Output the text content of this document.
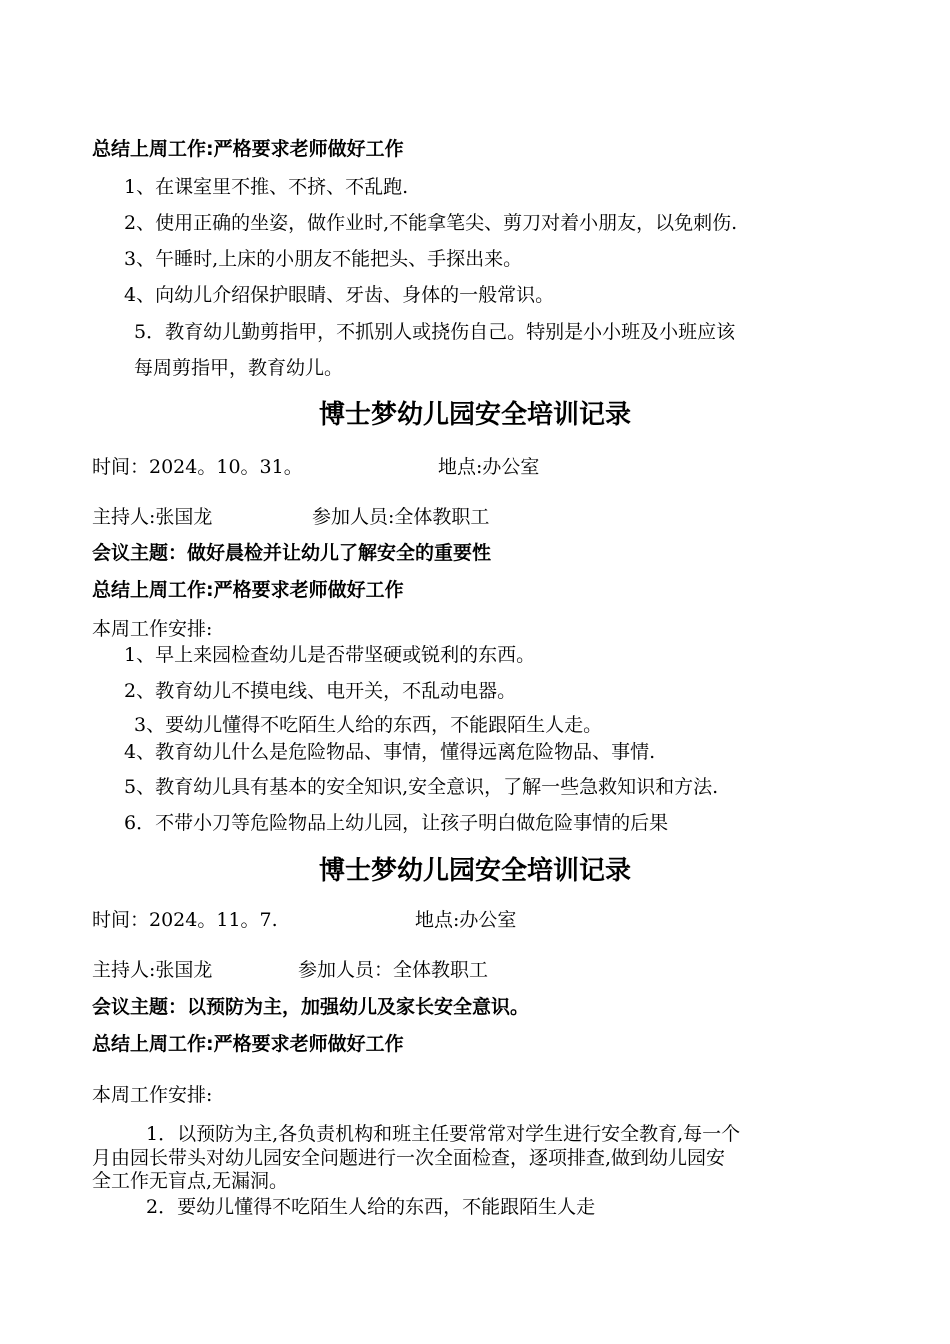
总结上周工作:严格要求老师做好工作
1、在课室里不推、不挤、不乱跑.
2、使用正确的坐姿，做作业时,不能拿笔尖、剪刀对着小朋友，以免刺伤.
3、午睡时,上床的小朋友不能把头、手探出来。
4、向幼儿介绍保护眼睛、牙齿、身体的一般常识。
5．教育幼儿勤剪指甲，不抓别人或挠伤自己。特别是小小班及小班应该
每周剪指甲，教育幼儿。
博士梦幼儿园安全培训记录
时间：2024。10。31。	地点:办公室
主持人:张国龙	参加人员:全体教职工
会议主题：做好晨检并让幼儿了解安全的重要性
总结上周工作:严格要求老师做好工作
本周工作安排:
1、早上来园检查幼儿是否带坚硬或锐利的东西。
2、教育幼儿不摸电线、电开关，不乱动电器。
3、要幼儿懂得不吃陌生人给的东西，不能跟陌生人走。
4、教育幼儿什么是危险物品、事情，懂得远离危险物品、事情.
5、教育幼儿具有基本的安全知识,安全意识，了解一些急救知识和方法.
6．不带小刀等危险物品上幼儿园，让孩子明白做危险事情的后果
博士梦幼儿园安全培训记录
时间：2024。11。7.	地点:办公室
主持人:张国龙	参加人员：全体教职工
会议主题：以预防为主，加强幼儿及家长安全意识。
总结上周工作:严格要求老师做好工作
本周工作安排:
1．以预防为主,各负责机构和班主任要常常对学生进行安全教育,每一个
月由园长带头对幼儿园安全问题进行一次全面检查，逐项排查,做到幼儿园安
全工作无盲点,无漏洞。
2．要幼儿懂得不吃陌生人给的东西，不能跟陌生人走
